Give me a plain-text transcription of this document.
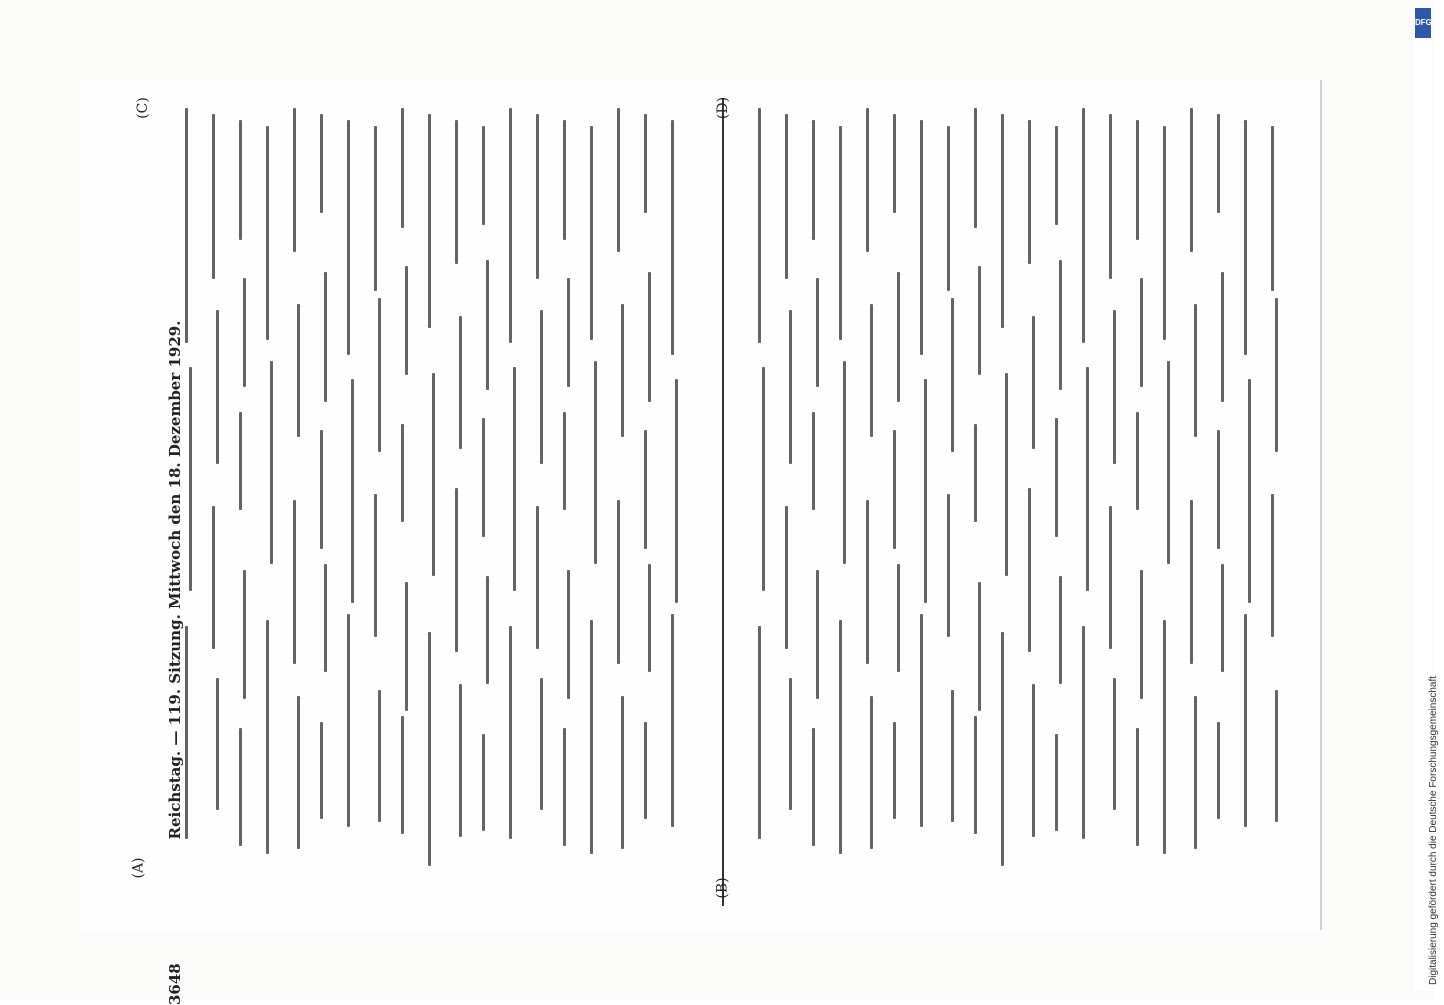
3648
Reichstag. — 119. Sitzung. Mittwoch den 18. Dezember 1929.
(A)
(B)
(C)	(D)
DFG
Digitalisierung gefördert durch die Deutsche Forschungsgemeinschaft
